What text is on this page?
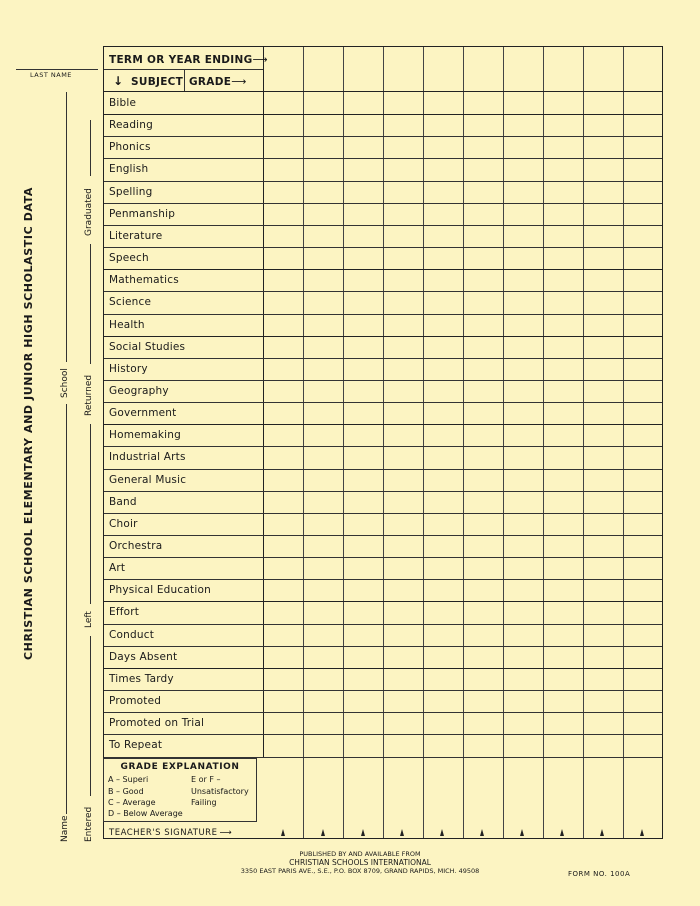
CHRISTIAN SCHOOL ELEMENTARY AND JUNIOR HIGH SCHOLASTIC DATA
LAST NAME
School
Name
Graduated
Returned
Left
Entered
TERM OR YEAR ENDING⟶
↓ SUBJECT GRADE⟶
Bible
Reading
Phonics
English
Spelling
Penmanship
Literature
Speech
Mathematics
Science
Health
Social Studies
History
Geography
Government
Homemaking
Industrial Arts
General Music
Band
Choir
Orchestra
Art
Physical Education
Effort
Conduct
Days Absent
Times Tardy
Promoted
Promoted on Trial
To Repeat
GRADE EXPLANATION
A – Superi
B – Good
C – Average
D – Below Average
E or F –
Unsatisfactory
Failing
TEACHER'S SIGNATURE ⟶
PUBLISHED BY AND AVAILABLE FROM
CHRISTIAN SCHOOLS INTERNATIONAL
3350 EAST PARIS AVE., S.E., P.O. BOX 8709, GRAND RAPIDS, MICH. 49508	FORM NO. 100A
